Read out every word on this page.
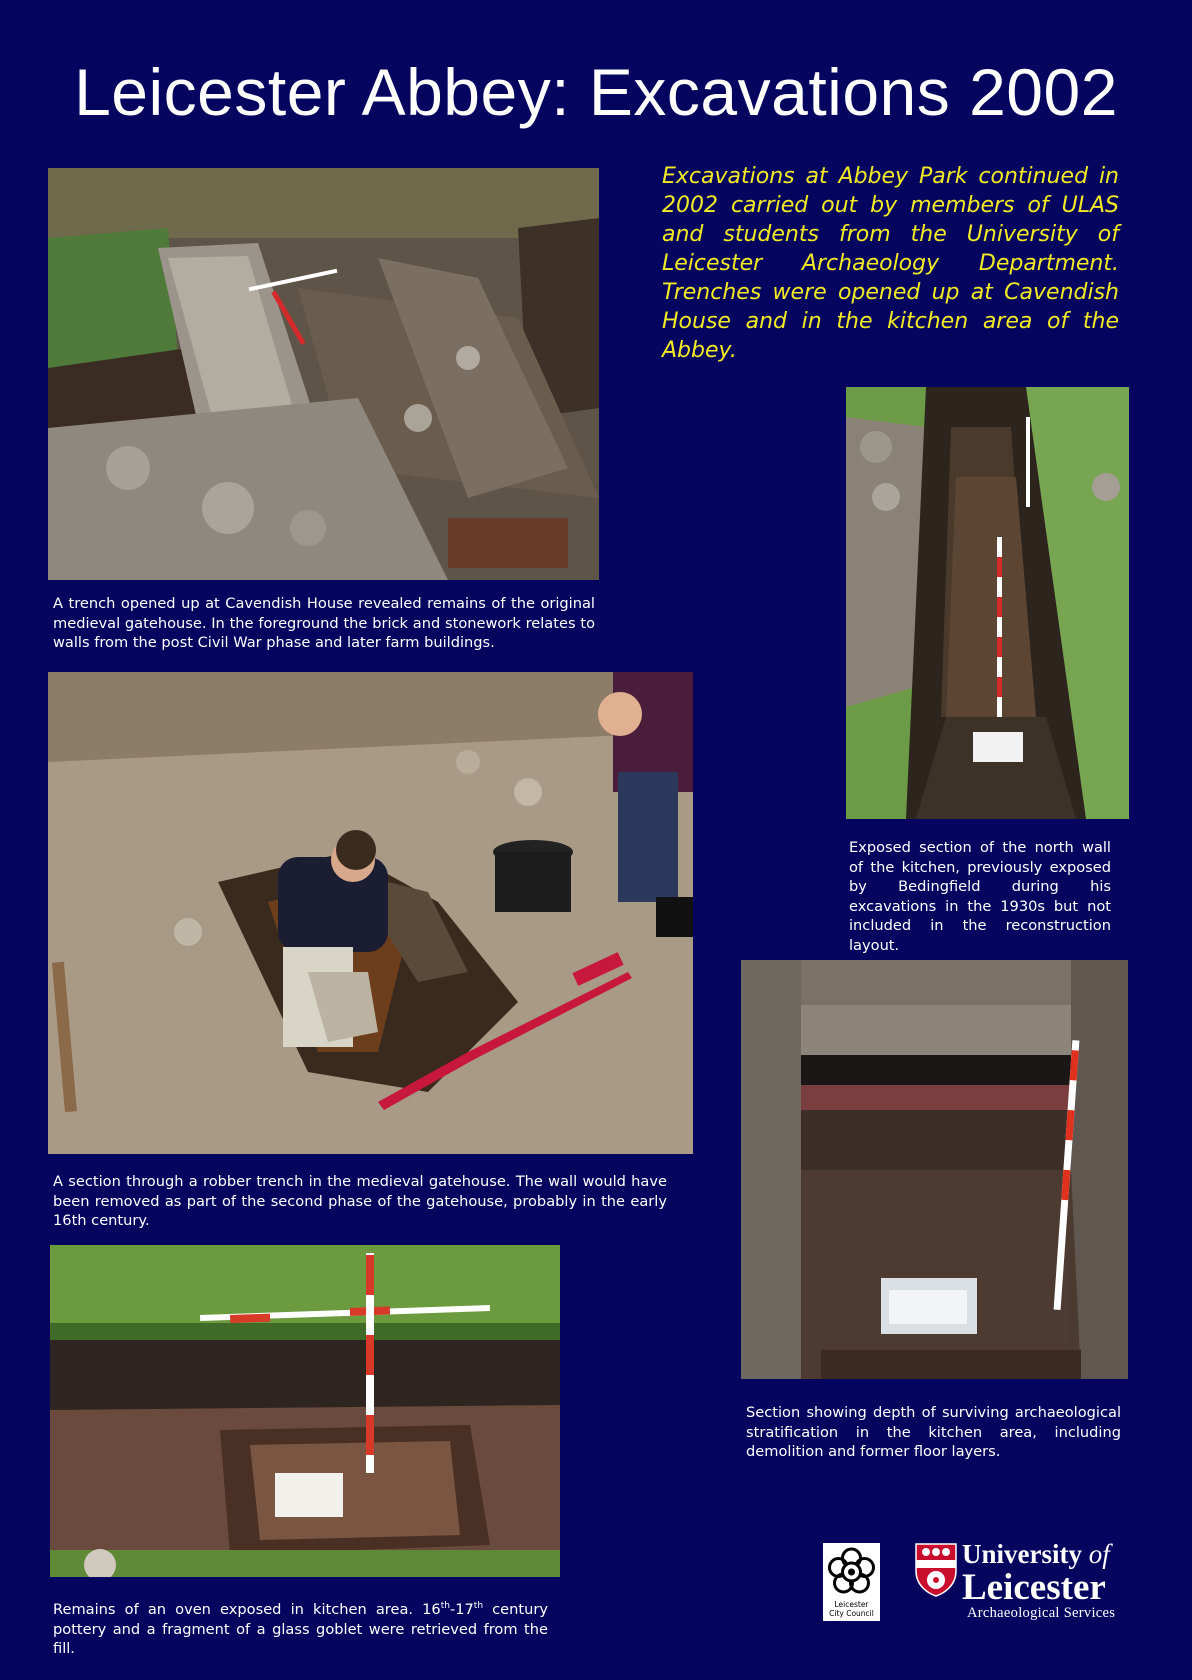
Leicester Abbey: Excavations 2002
Excavations at Abbey Park continued in 2002 carried out by members of ULAS and students from the University of Leicester Archaeology Department. Trenches were opened up at Cavendish House and in the kitchen area of the Abbey.
A trench opened up at Cavendish House revealed remains of the original medieval gatehouse. In the foreground the brick and stonework relates to walls from the post Civil War phase and later farm buildings.
Exposed section of the north wall of the kitchen, previously exposed by Bedingfield during his excavations in the 1930s but not included in the reconstruction layout.
A section through a robber trench in the medieval gatehouse. The wall would have been removed as part of the second phase of the gatehouse, probably in the early 16th century.
Section showing depth of surviving archaeological stratification in the kitchen area, including demolition and former floor layers.
Remains of an oven exposed in kitchen area. 16th-17th century pottery and a fragment of a glass goblet were retrieved from the fill.
Leicester
City Council
University of
Leicester
Archaeological Services
